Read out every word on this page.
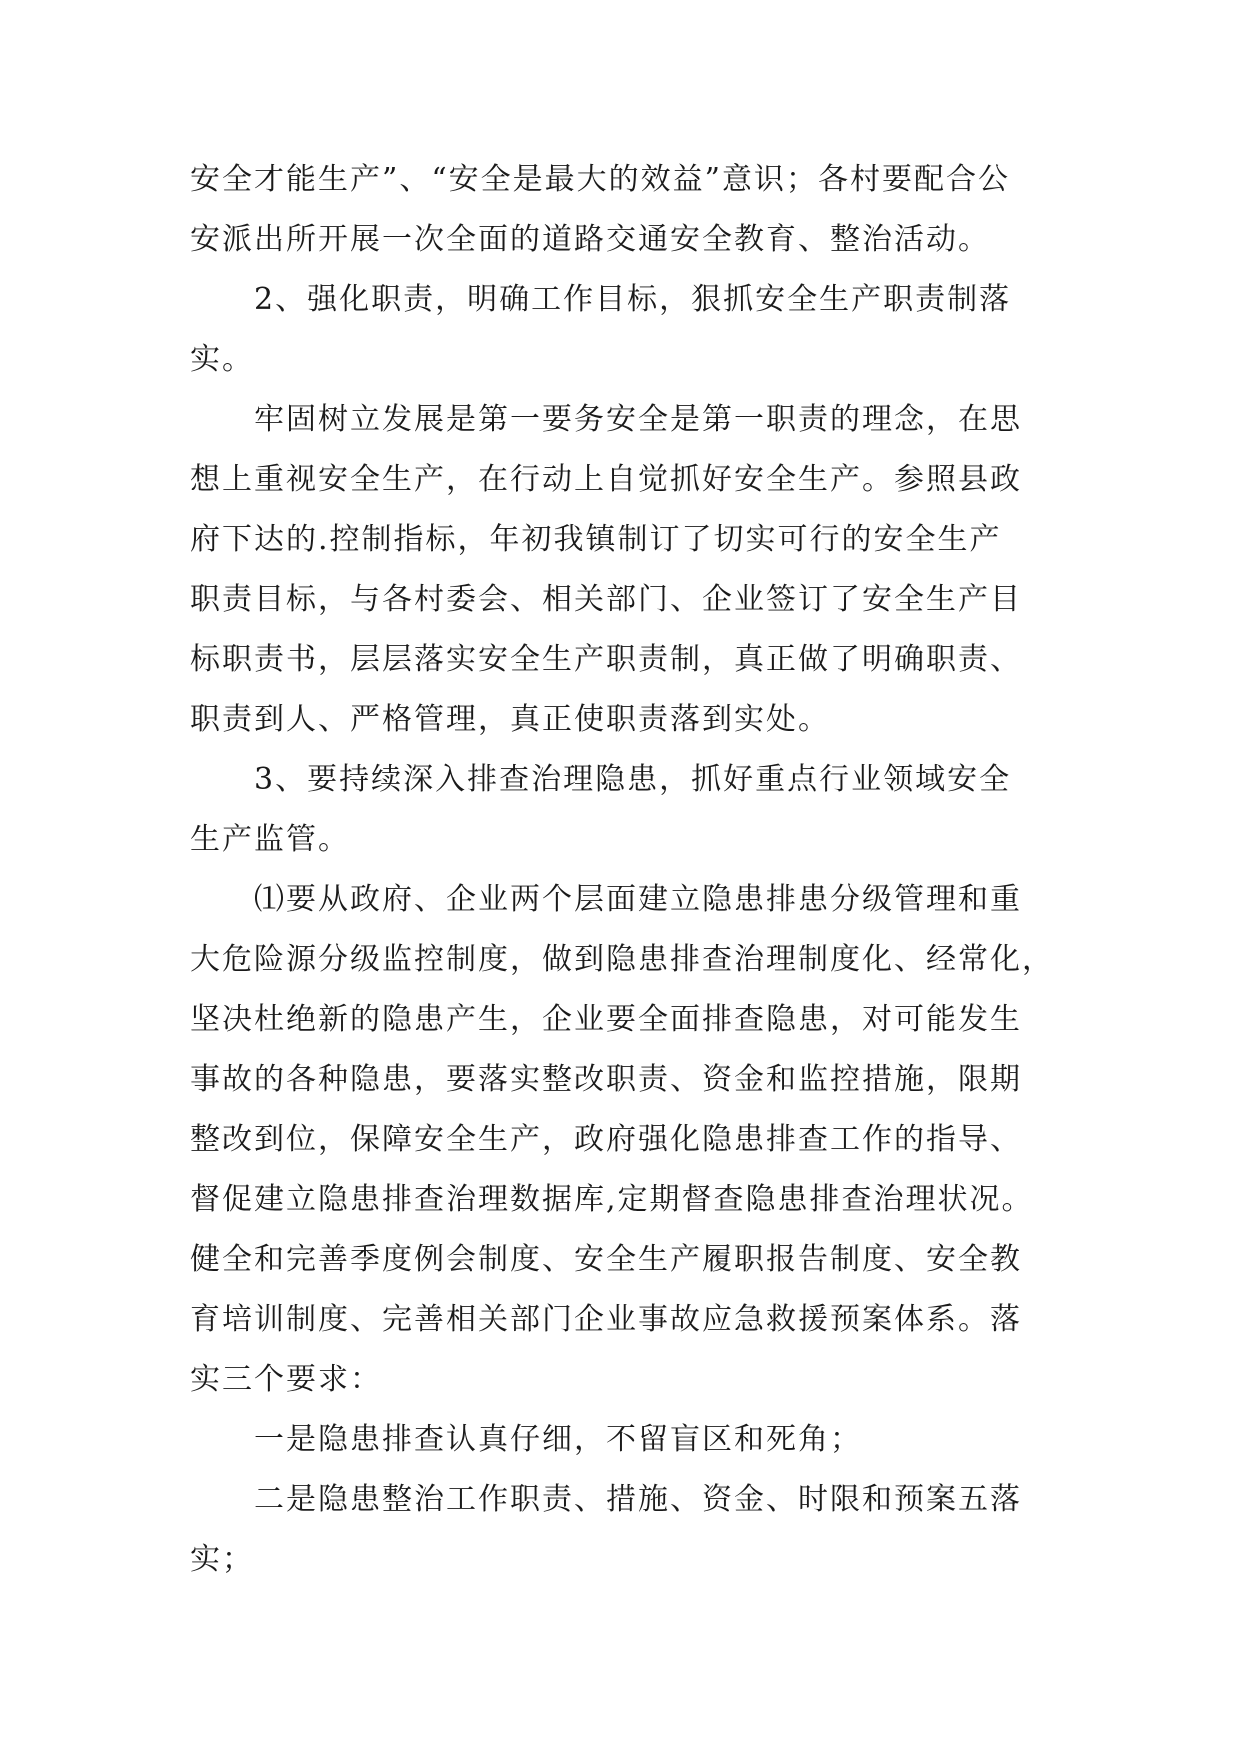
安全才能生产”、“安全是最大的效益”意识；各村要配合公
安派出所开展一次全面的道路交通安全教育、整治活动。
2、强化职责，明确工作目标，狠抓安全生产职责制落
实。
牢固树立发展是第一要务安全是第一职责的理念，在思
想上重视安全生产，在行动上自觉抓好安全生产。参照县政
府下达的.控制指标，年初我镇制订了切实可行的安全生产
职责目标，与各村委会、相关部门、企业签订了安全生产目
标职责书，层层落实安全生产职责制，真正做了明确职责、
职责到人、严格管理，真正使职责落到实处。
3、要持续深入排查治理隐患，抓好重点行业领域安全
生产监管。
⑴要从政府、企业两个层面建立隐患排患分级管理和重
大危险源分级监控制度，做到隐患排查治理制度化、经常化，
坚决杜绝新的隐患产生，企业要全面排查隐患，对可能发生
事故的各种隐患，要落实整改职责、资金和监控措施，限期
整改到位，保障安全生产，政府强化隐患排查工作的指导、
督促建立隐患排查治理数据库,定期督查隐患排查治理状况。
健全和完善季度例会制度、安全生产履职报告制度、安全教
育培训制度、完善相关部门企业事故应急救援预案体系。落
实三个要求：
一是隐患排查认真仔细，不留盲区和死角；
二是隐患整治工作职责、措施、资金、时限和预案五落
实；
